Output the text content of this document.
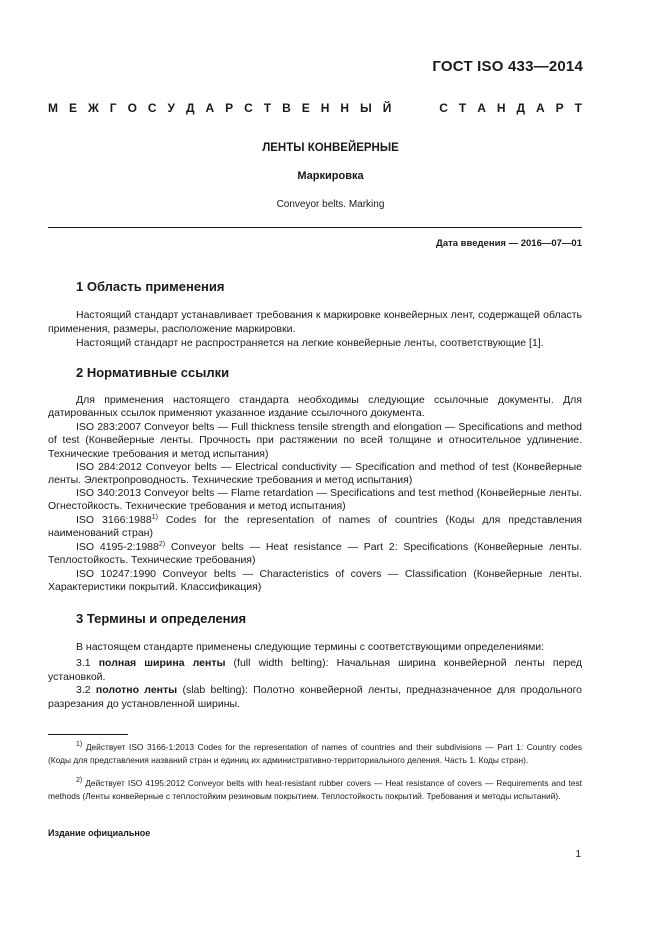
ГОСТ ISO 433—2014
М Е Ж Г О С У Д А Р С Т В Е Н Н Ы Й	С Т А Н Д А Р Т
ЛЕНТЫ КОНВЕЙЕРНЫЕ
Маркировка
Conveyor belts. Marking
Дата введения — 2016—07—01
1 Область применения
Настоящий стандарт устанавливает требования к маркировке конвейерных лент, содержащей область применения, размеры, расположение маркировки.
Настоящий стандарт не распространяется на легкие конвейерные ленты, соответствующие [1].
2 Нормативные ссылки
Для применения настоящего стандарта необходимы следующие ссылочные документы. Для датированных ссылок применяют указанное издание ссылочного документа.
ISO 283:2007 Conveyor belts — Full thickness tensile strength and elongation — Specifications and method of test (Конвейерные ленты. Прочность при растяжении по всей толщине и относительное удлинение. Технические требования и метод испытания)
ISO 284:2012 Conveyor belts — Electrical conductivity — Specification and method of test (Конвейерные ленты. Электропроводность. Технические требования и метод испытания)
ISO 340:2013 Conveyor belts — Flame retardation — Specifications and test method (Конвейерные ленты. Огнестойкость. Технические требования и метод испытания)
ISO 3166:1988$^{1)}$ Codes for the representation of names of countries (Коды для представления наименований стран)
ISO 4195-2:1988$^{2)}$ Conveyor belts — Heat resistance — Part 2: Specifications (Конвейерные ленты. Теплостойкость. Технические требования)
ISO 10247:1990 Conveyor belts — Characteristics of covers — Classification (Конвейерные ленты. Характеристики покрытий. Классификация)
3 Термины и определения
В настоящем стандарте применены следующие термины с соответствующими определениями:
3.1 полная ширина ленты (full width belting): Начальная ширина конвейерной ленты перед установкой.
3.2 полотно ленты (slab belting): Полотно конвейерной ленты, предназначенное для продольного разрезания до установленной ширины.
$^{1)}$ Действует ISO 3166-1:2013 Codes for the representation of names of countries and their subdivisions — Part 1: Country codes (Коды для представления названий стран и единиц их административно-территориального деления. Часть 1. Коды стран).
$^{2)}$ Действует ISO 4195:2012 Conveyor belts with heat-resistant rubber covers — Heat resistance of covers — Requirements and test methods (Ленты конвейерные с теплостойким резиновым покрытием. Теплостойкость покрытий. Требования и методы испытаний).
Издание официальное
1
